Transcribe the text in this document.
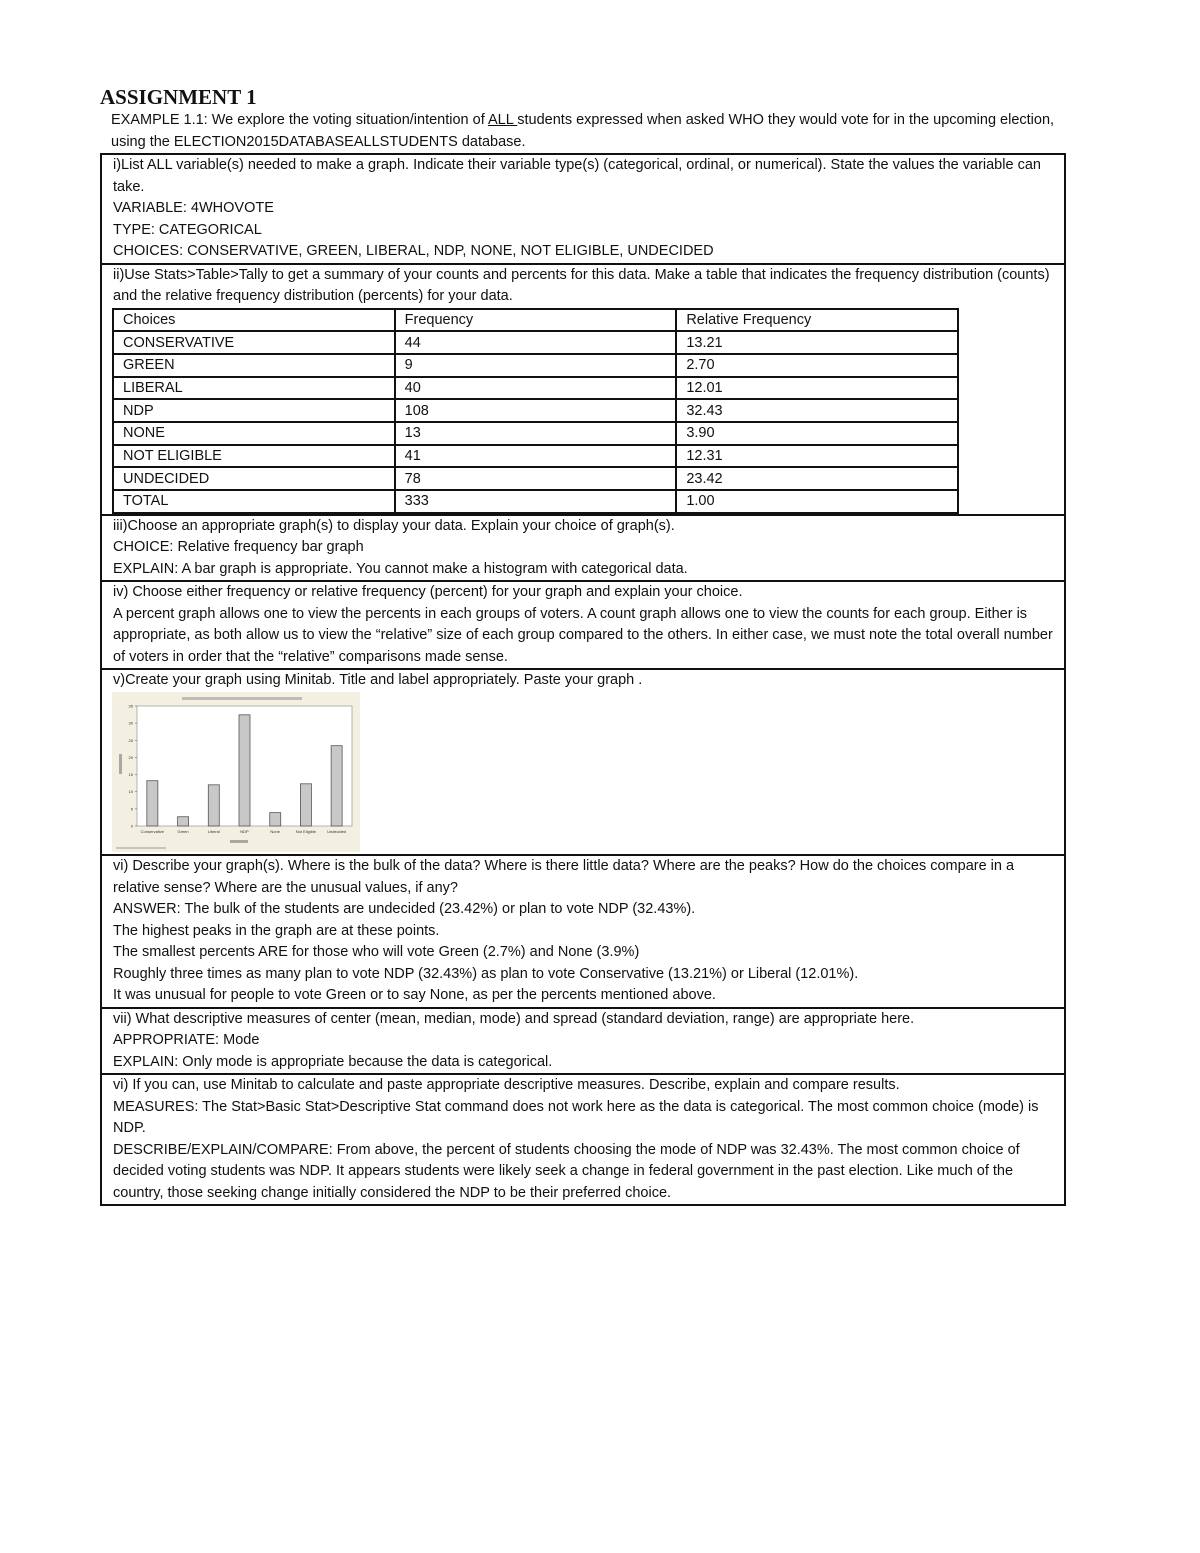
ASSIGNMENT 1
EXAMPLE 1.1: We explore the voting situation/intention of ALL students expressed when asked WHO they would vote for in the upcoming election, using the ELECTION2015DATABASEALLSTUDENTS database.
i)List ALL variable(s) needed to make a graph. Indicate their variable type(s) (categorical, ordinal, or numerical). State the values the variable can take.
VARIABLE: 4WHOVOTE
TYPE: CATEGORICAL
CHOICES: CONSERVATIVE, GREEN, LIBERAL, NDP, NONE, NOT ELIGIBLE, UNDECIDED
ii)Use Stats>Table>Tally to get a summary of your counts and percents for this data. Make a table that indicates the frequency distribution (counts) and the relative frequency distribution (percents) for your data.
Choices	Frequency	Relative Frequency
CONSERVATIVE	44	13.21
GREEN	9	2.70
LIBERAL	40	12.01
NDP	108	32.43
NONE	13	3.90
NOT ELIGIBLE	41	12.31
UNDECIDED	78	23.42
TOTAL	333	1.00
iii)Choose an appropriate graph(s) to display your data. Explain your choice of graph(s).
CHOICE: Relative frequency bar graph
EXPLAIN: A bar graph is appropriate. You cannot make a histogram with categorical data.
iv) Choose either frequency or relative frequency (percent) for your graph and explain your choice.
A percent graph allows one to view the percents in each groups of voters. A count graph allows one to view the counts for each group. Either is appropriate, as both allow us to view the “relative” size of each group compared to the others. In either case, we must note the total overall number of voters in order that the “relative” comparisons made sense.
v)Create your graph using Minitab. Title and label appropriately. Paste your graph .
Conservative	Green	Liberal	NDP	None	Not Eligible	Undecided
0
5
10
15
20
25
30
35
vi) Describe your graph(s). Where is the bulk of the data? Where is there little data? Where are the peaks? How do the choices compare in a relative sense? Where are the unusual values, if any?
ANSWER: The bulk of the students are undecided (23.42%) or plan to vote NDP (32.43%).
The highest peaks in the graph are at these points.
The smallest percents ARE for those who will vote Green (2.7%) and None (3.9%)
Roughly three times as many plan to vote NDP (32.43%) as plan to vote Conservative (13.21%) or Liberal (12.01%).
It was unusual for people to vote Green or to say None, as per the percents mentioned above.
vii) What descriptive measures of center (mean, median, mode) and spread (standard deviation, range) are appropriate here.
APPROPRIATE: Mode
EXPLAIN: Only mode is appropriate because the data is categorical.
vi) If you can, use Minitab to calculate and paste appropriate descriptive measures. Describe, explain and compare results.
MEASURES: The Stat>Basic Stat>Descriptive Stat command does not work here as the data is categorical. The most common choice (mode) is NDP.
DESCRIBE/EXPLAIN/COMPARE: From above, the percent of students choosing the mode of NDP was 32.43%. The most common choice of decided voting students was NDP. It appears students were likely seek a change in federal government in the past election. Like much of the country, those seeking change initially considered the NDP to be their preferred choice.
